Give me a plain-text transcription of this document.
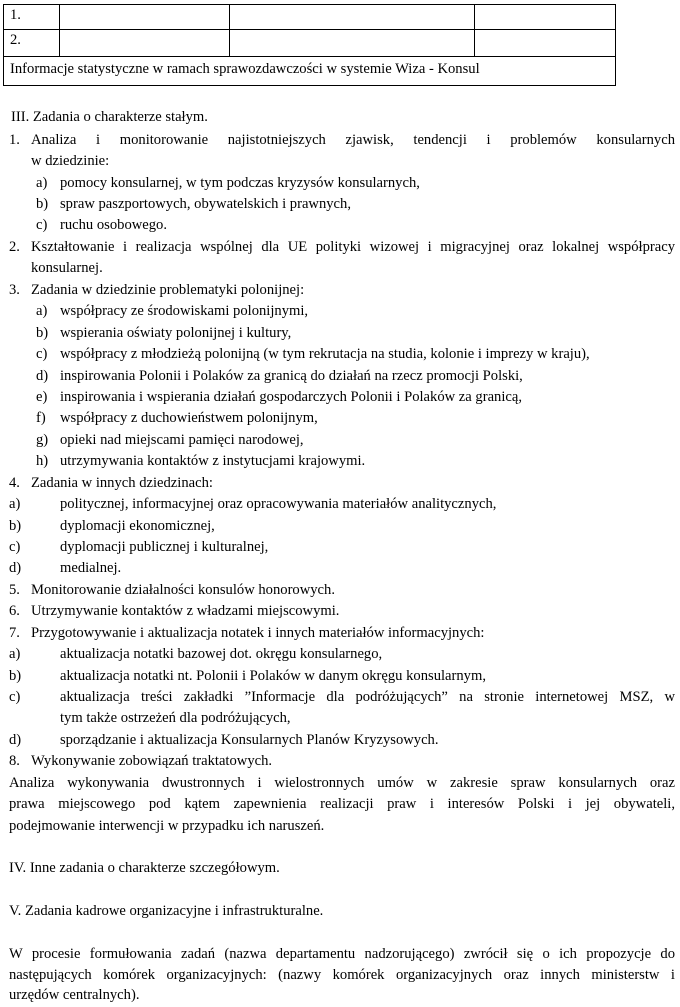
1.			
2.			
Informacje statystyczne w ramach sprawozdawczości w systemie Wiza - Konsul			
III. Zadania o charakterze stałym.
1. Analiza i monitorowanie najistotniejszych zjawisk, tendencji i problemów konsularnych
w dziedzinie:
a) pomocy konsularnej, w tym podczas kryzysów konsularnych,
b) spraw paszportowych, obywatelskich i prawnych,
c) ruchu osobowego.
2. Kształtowanie i realizacja wspólnej dla UE polityki wizowej i migracyjnej oraz lokalnej współpracy
konsularnej.
3. Zadania w dziedzinie problematyki polonijnej:
a) współpracy ze środowiskami polonijnymi,
b) wspierania oświaty polonijnej i kultury,
c) współpracy z młodzieżą polonijną (w tym rekrutacja na studia, kolonie i imprezy w kraju),
d) inspirowania Polonii i Polaków za granicą do działań na rzecz promocji Polski,
e) inspirowania i wspierania działań gospodarczych Polonii i Polaków za granicą,
f) współpracy z duchowieństwem polonijnym,
g) opieki nad miejscami pamięci narodowej,
h) utrzymywania kontaktów z instytucjami krajowymi.
4. Zadania w innych dziedzinach:
a)	politycznej, informacyjnej oraz opracowywania materiałów analitycznych,
b)	dyplomacji ekonomicznej,
c)	dyplomacji publicznej i kulturalnej,
d)	medialnej.
5. Monitorowanie działalności konsulów honorowych.
6. Utrzymywanie kontaktów z władzami miejscowymi.
7. Przygotowywanie i aktualizacja notatek i innych materiałów informacyjnych:
a)	aktualizacja notatki bazowej dot. okręgu konsularnego,
b)	aktualizacja notatki nt. Polonii i Polaków w danym okręgu konsularnym,
c)	aktualizacja treści zakładki ”Informacje dla podróżujących” na stronie internetowej MSZ, w
tym także ostrzeżeń dla podróżujących,
d)	sporządzanie i aktualizacja Konsularnych Planów Kryzysowych.
8. Wykonywanie zobowiązań traktatowych.
Analiza wykonywania dwustronnych i wielostronnych umów w zakresie spraw konsularnych oraz
prawa miejscowego pod kątem zapewnienia realizacji praw i interesów Polski i jej obywateli,
podejmowanie interwencji w przypadku ich naruszeń.
IV. Inne zadania o charakterze szczegółowym.
V. Zadania kadrowe organizacyjne i infrastrukturalne.
W procesie formułowania zadań (nazwa departamentu nadzorującego) zwrócił się o ich propozycje do
następujących komórek organizacyjnych: (nazwy komórek organizacyjnych oraz innych ministerstw i
urzędów centralnych).
